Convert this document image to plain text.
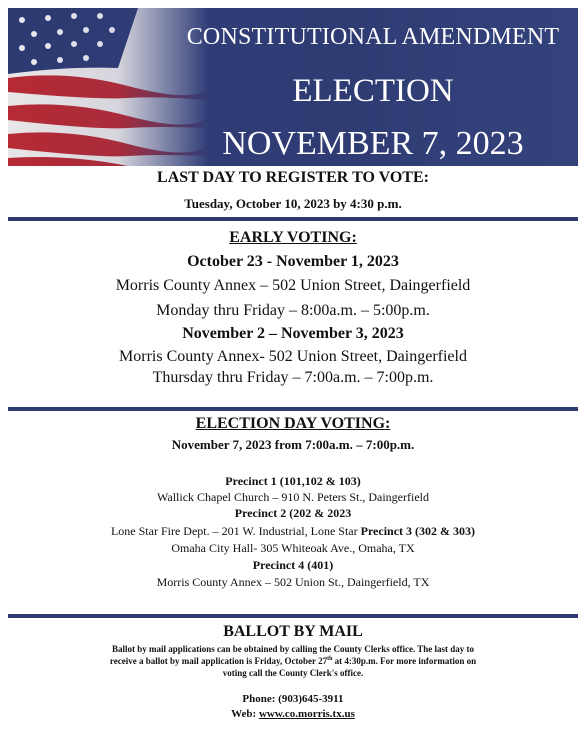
CONSTITUTIONAL AMENDMENT
ELECTION
NOVEMBER 7, 2023
LAST DAY TO REGISTER TO VOTE:
Tuesday, October 10, 2023 by 4:30 p.m.
EARLY VOTING:
October 23 - November 1, 2023
Morris County Annex – 502 Union Street, Daingerfield
Monday thru Friday – 8:00a.m. – 5:00p.m.
November 2 – November 3, 2023
Morris County Annex- 502 Union Street, Daingerfield
Thursday thru Friday – 7:00a.m. – 7:00p.m.
ELECTION DAY VOTING:
November 7, 2023 from 7:00a.m. – 7:00p.m.
Precinct 1 (101,102 & 103)
Wallick Chapel Church – 910 N. Peters St., Daingerfield
Precinct 2 (202 & 2023
Lone Star Fire Dept. – 201 W. Industrial, Lone Star Precinct 3 (302 & 303)
Omaha City Hall- 305 Whiteoak Ave., Omaha, TX
Precinct 4 (401)
Morris County Annex – 502 Union St., Daingerfield, TX
BALLOT BY MAIL
Ballot by mail applications can be obtained by calling the County Clerks office. The last day to
receive a ballot by mail application is Friday, October 27th at 4:30p.m. For more information on
voting call the County Clerk's office.
Phone: (903)645-3911
Web: www.co.morris.tx.us
